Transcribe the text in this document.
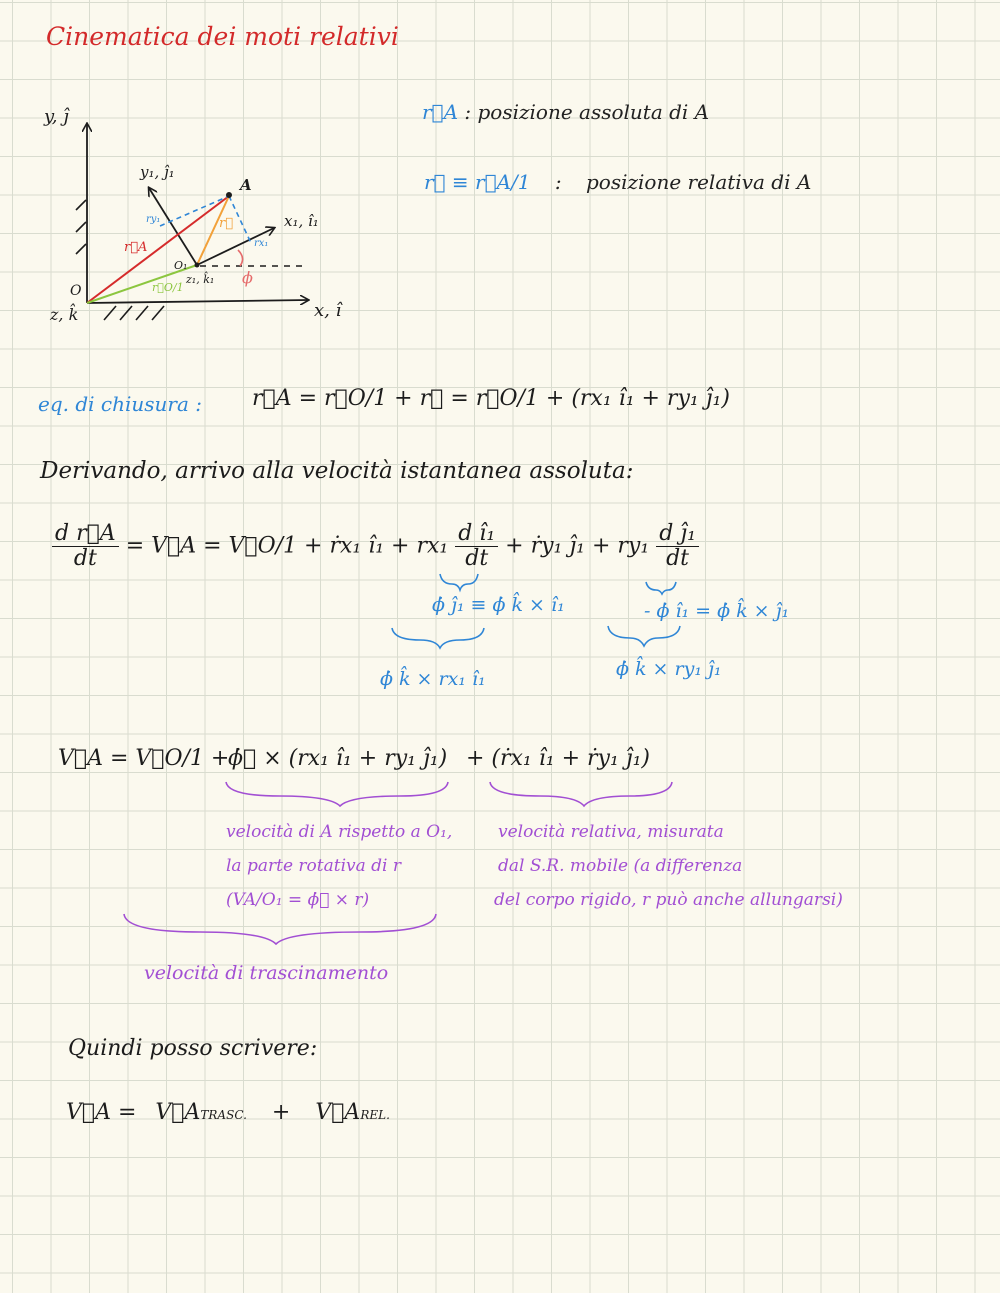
Cinematica dei moti relativi
y, ĵ
x, î
z, k̂
O
y₁, ĵ₁
x₁, î₁
z₁, k̂₁
O₁
A
r⃗A
r⃗
r⃗O/1
ry₁
rx₁
ϕ
r⃗A : posizione assoluta di A
r⃗ ≡ r⃗A/1 : posizione relativa di A
eq. di chiusura : r⃗A = r⃗O/1 + r⃗ = r⃗O/1 + (rx₁ î₁ + ry₁ ĵ₁)
Derivando, arrivo alla velocità istantanea assoluta:
$\frac{\text{d r⃗A}}{dt}$ = V⃗A = V⃗O/1 + ṙx₁ î₁ + $rx_1 \frac{\text{d î₁}}{dt}$ + ṙy₁ ĵ₁ + $ry_1 \frac{\text{d ĵ₁}}{dt}$
ϕ̇ ĵ₁ ≡ ϕ̇ k̂ × î₁	- ϕ̇ î₁ = ϕ̇ k̂ × ĵ₁
ϕ̇ k̂ × rx₁ î₁	ϕ̇ k̂ × ry₁ ĵ₁
V⃗A = V⃗O/1 +
ϕ̇⃗ × (rx₁ î₁ + ry₁ ĵ₁) + (ṙx₁ î₁ + ṙy₁ ĵ₁)
velocità di A rispetto a O₁,
la parte rotativa di r
(VA/O₁ = ϕ̇⃗ × r)
velocità relativa, misurata
dal S.R. mobile (a differenza
del corpo rigido, r può anche allungarsi)
velocità di trascinamento
Quindi posso scrivere:
V⃗A = V⃗ATRASC. + V⃗AREL.
